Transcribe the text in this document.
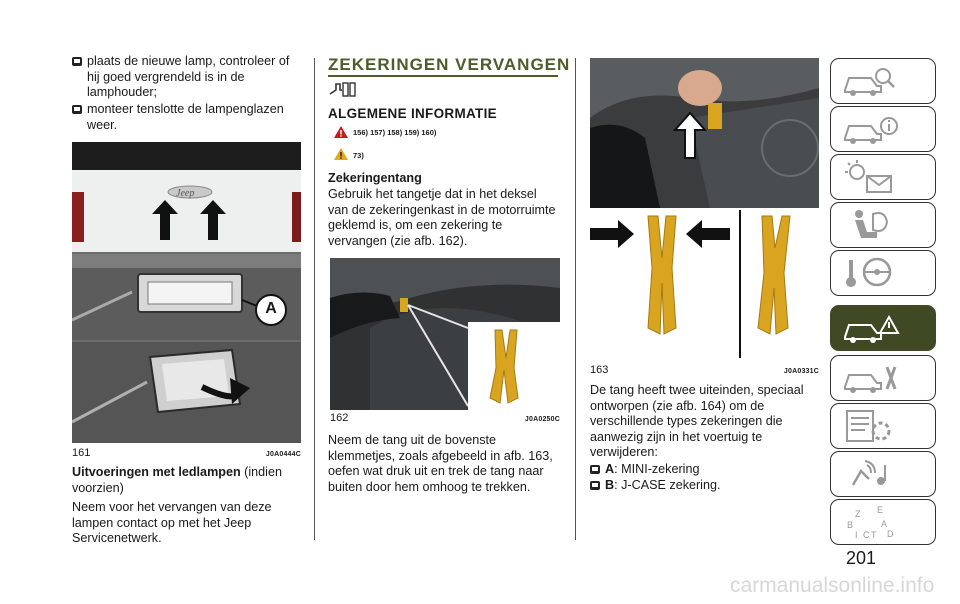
plaats de nieuwe lamp, controleer of hij goed vergrendeld is in de lamphouder;
monteer tenslotte de lampenglazen weer.
Jeep
A
161	J0A0444C
Uitvoeringen met ledlampen (indien voorzien)
Neem voor het vervangen van deze lampen contact op met het Jeep Servicenetwerk.
ZEKERINGEN VERVANGEN
ALGEMENE INFORMATIE
156) 157) 158) 159) 160)
73)
Zekeringentang
Gebruik het tangetje dat in het deksel van de zekeringenkast in de motorruimte geklemd is, om een zekering te vervangen (zie afb. 162).
162	J0A0250C
Neem de tang uit de bovenste klemmetjes, zoals afgebeeld in afb. 163, oefen wat druk uit en trek de tang naar buiten door hem omhoog te trekken.
163	J0A0331C
De tang heeft twee uiteinden, speciaal ontworpen (zie afb. 164) om de verschillende types zekeringen die aanwezig zijn in het voertuig te verwijderen:
A : MINI-zekering
B : J-CASE zekering.
Z E
B	A
I C T D
201
carmanualsonline.info
